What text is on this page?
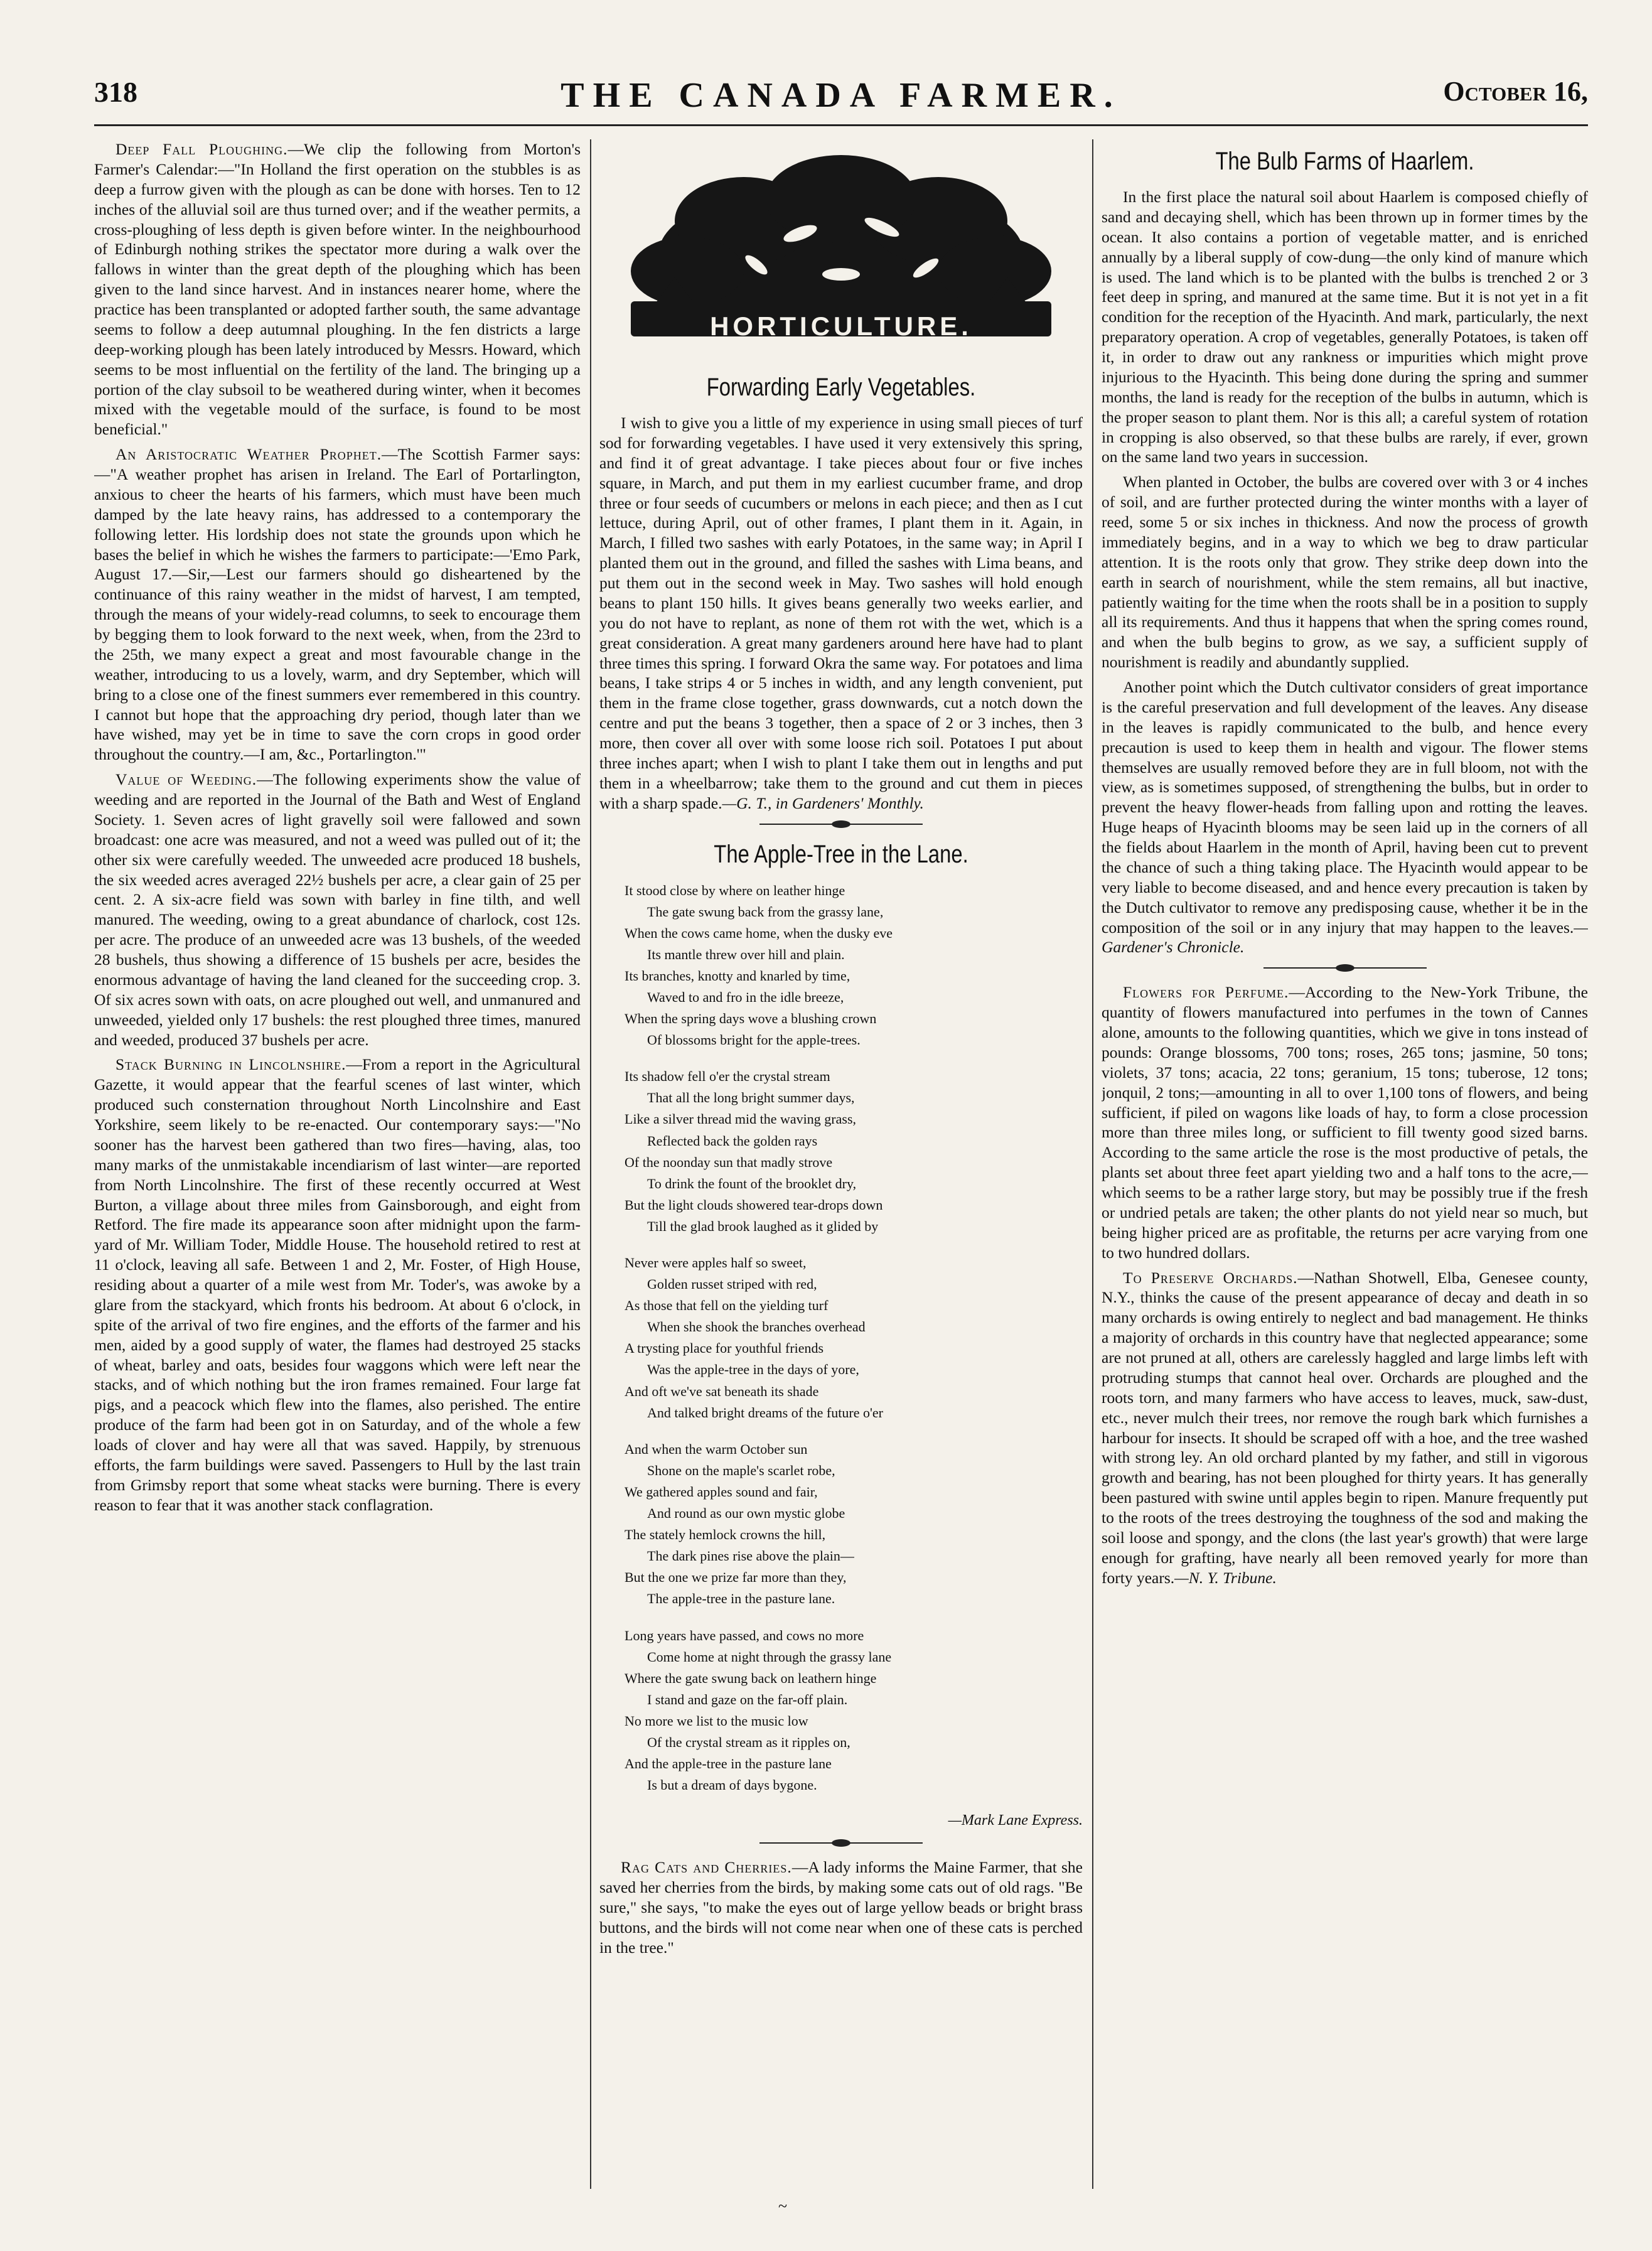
318	THE CANADA FARMER.	October 16,

Deep Fall Ploughing.—We clip the following from Morton's Farmer's Calendar:—"In Holland the first operation on the stubbles is as deep a furrow given with the plough as can be done with horses. Ten to 12 inches of the alluvial soil are thus turned over; and if the weather permits, a cross-ploughing of less depth is given before winter. In the neighbourhood of Edinburgh nothing strikes the spectator more during a walk over the fallows in winter than the great depth of the ploughing which has been given to the land since harvest. And in instances nearer home, where the practice has been transplanted or adopted farther south, the same advantage seems to follow a deep autumnal ploughing. In the fen districts a large deep-working plough has been lately introduced by Messrs. Howard, which seems to be most influential on the fertility of the land. The bringing up a portion of the clay subsoil to be weathered during winter, when it becomes mixed with the vegetable mould of the surface, is found to be most beneficial."

An Aristocratic Weather Prophet.—The Scottish Farmer says:—"A weather prophet has arisen in Ireland. The Earl of Portarlington, anxious to cheer the hearts of his farmers, which must have been much damped by the late heavy rains, has addressed to a contemporary the following letter. His lordship does not state the grounds upon which he bases the belief in which he wishes the farmers to participate:—'Emo Park, August 17.—Sir,—Lest our farmers should go disheartened by the continuance of this rainy weather in the midst of harvest, I am tempted, through the means of your widely-read columns, to seek to encourage them by begging them to look forward to the next week, when, from the 23rd to the 25th, we many expect a great and most favourable change in the weather, introducing to us a lovely, warm, and dry September, which will bring to a close one of the finest summers ever remembered in this country. I cannot but hope that the approaching dry period, though later than we have wished, may yet be in time to save the corn crops in good order throughout the country.—I am, &c., Portarlington.'"

Value of Weeding.—The following experiments show the value of weeding and are reported in the Journal of the Bath and West of England Society. 1. Seven acres of light gravelly soil were fallowed and sown broadcast: one acre was measured, and not a weed was pulled out of it; the other six were carefully weeded. The unweeded acre produced 18 bushels, the six weeded acres averaged 22½ bushels per acre, a clear gain of 25 per cent. 2. A six-acre field was sown with barley in fine tilth, and well manured. The weeding, owing to a great abundance of charlock, cost 12s. per acre. The produce of an unweeded acre was 13 bushels, of the weeded 28 bushels, thus showing a difference of 15 bushels per acre, besides the enormous advantage of having the land cleaned for the succeeding crop. 3. Of six acres sown with oats, on acre ploughed out well, and unmanured and unweeded, yielded only 17 bushels: the rest ploughed three times, manured and weeded, produced 37 bushels per acre.

Stack Burning in Lincolnshire.—From a report in the Agricultural Gazette, it would appear that the fearful scenes of last winter, which produced such consternation throughout North Lincolnshire and East Yorkshire, seem likely to be re-enacted. Our contemporary says:—"No sooner has the harvest been gathered than two fires—having, alas, too many marks of the unmistakable incendiarism of last winter—are reported from North Lincolnshire. The first of these recently occurred at West Burton, a village about three miles from Gainsborough, and eight from Retford. The fire made its appearance soon after midnight upon the farm-yard of Mr. William Toder, Middle House. The household retired to rest at 11 o'clock, leaving all safe. Between 1 and 2, Mr. Foster, of High House, residing about a quarter of a mile west from Mr. Toder's, was awoke by a glare from the stackyard, which fronts his bedroom. At about 6 o'clock, in spite of the arrival of two fire engines, and the efforts of the farmer and his men, aided by a good supply of water, the flames had destroyed 25 stacks of wheat, barley and oats, besides four waggons which were left near the stacks, and of which nothing but the iron frames remained. Four large fat pigs, and a peacock which flew into the flames, also perished. The entire produce of the farm had been got in on Saturday, and of the whole a few loads of clover and hay were all that was saved. Happily, by strenuous efforts, the farm buildings were saved. Passengers to Hull by the last train from Grimsby report that some wheat stacks were burning. There is every reason to fear that it was another stack conflagration.

HORTICULTURE.
Forwarding Early Vegetables.

I wish to give you a little of my experience in using small pieces of turf sod for forwarding vegetables. I have used it very extensively this spring, and find it of great advantage. I take pieces about four or five inches square, in March, and put them in my earliest cucumber frame, and drop three or four seeds of cucumbers or melons in each piece; and then as I cut lettuce, during April, out of other frames, I plant them in it. Again, in March, I filled two sashes with early Potatoes, in the same way; in April I planted them out in the ground, and filled the sashes with Lima beans, and put them out in the second week in May. Two sashes will hold enough beans to plant 150 hills. It gives beans generally two weeks earlier, and you do not have to replant, as none of them rot with the wet, which is a great consideration. A great many gardeners around here have had to plant three times this spring. I forward Okra the same way. For potatoes and lima beans, I take strips 4 or 5 inches in width, and any length convenient, put them in the frame close together, grass downwards, cut a notch down the centre and put the beans 3 together, then a space of 2 or 3 inches, then 3 more, then cover all over with some loose rich soil. Potatoes I put about three inches apart; when I wish to plant I take them out in lengths and put them in a wheelbarrow; take them to the ground and cut them in pieces with a sharp spade.—G. T., in Gardeners' Monthly.

The Apple-Tree in the Lane.
It stood close by where on leather hinge
The gate swung back from the grassy lane,
When the cows came home, when the dusky eve
Its mantle threw over hill and plain.
Its branches, knotty and knarled by time,
Waved to and fro in the idle breeze,
When the spring days wove a blushing crown
Of blossoms bright for the apple-trees.
Its shadow fell o'er the crystal stream
That all the long bright summer days,
Like a silver thread mid the waving grass,
Reflected back the golden rays
Of the noonday sun that madly strove
To drink the fount of the brooklet dry,
But the light clouds showered tear-drops down
Till the glad brook laughed as it glided by
Never were apples half so sweet,
Golden russet striped with red,
As those that fell on the yielding turf
When she shook the branches overhead
A trysting place for youthful friends
Was the apple-tree in the days of yore,
And oft we've sat beneath its shade
And talked bright dreams of the future o'er
And when the warm October sun
Shone on the maple's scarlet robe,
We gathered apples sound and fair,
And round as our own mystic globe
The stately hemlock crowns the hill,
The dark pines rise above the plain—
But the one we prize far more than they,
The apple-tree in the pasture lane.
Long years have passed, and cows no more
Come home at night through the grassy lane
Where the gate swung back on leathern hinge
I stand and gaze on the far-off plain.
No more we list to the music low
Of the crystal stream as it ripples on,
And the apple-tree in the pasture lane
Is but a dream of days bygone.
—Mark Lane Express.

Rag Cats and Cherries.—A lady informs the Maine Farmer, that she saved her cherries from the birds, by making some cats out of old rags. "Be sure," she says, "to make the eyes out of large yellow beads or bright brass buttons, and the birds will not come near when one of these cats is perched in the tree."

The Bulb Farms of Haarlem.

In the first place the natural soil about Haarlem is composed chiefly of sand and decaying shell, which has been thrown up in former times by the ocean. It also contains a portion of vegetable matter, and is enriched annually by a liberal supply of cow-dung—the only kind of manure which is used. The land which is to be planted with the bulbs is trenched 2 or 3 feet deep in spring, and manured at the same time. But it is not yet in a fit condition for the reception of the Hyacinth. And mark, particularly, the next preparatory operation. A crop of vegetables, generally Potatoes, is taken off it, in order to draw out any rankness or impurities which might prove injurious to the Hyacinth. This being done during the spring and summer months, the land is ready for the reception of the bulbs in autumn, which is the proper season to plant them. Nor is this all; a careful system of rotation in cropping is also observed, so that these bulbs are rarely, if ever, grown on the same land two years in succession.

When planted in October, the bulbs are covered over with 3 or 4 inches of soil, and are further protected during the winter months with a layer of reed, some 5 or six inches in thickness. And now the process of growth immediately begins, and in a way to which we beg to draw particular attention. It is the roots only that grow. They strike deep down into the earth in search of nourishment, while the stem remains, all but inactive, patiently waiting for the time when the roots shall be in a position to supply all its requirements. And thus it happens that when the spring comes round, and when the bulb begins to grow, as we say, a sufficient supply of nourishment is readily and abundantly supplied.

Another point which the Dutch cultivator considers of great importance is the careful preservation and full development of the leaves. Any disease in the leaves is rapidly communicated to the bulb, and hence every precaution is used to keep them in health and vigour. The flower stems themselves are usually removed before they are in full bloom, not with the view, as is sometimes supposed, of strengthening the bulbs, but in order to prevent the heavy flower-heads from falling upon and rotting the leaves. Huge heaps of Hyacinth blooms may be seen laid up in the corners of all the fields about Haarlem in the month of April, having been cut to prevent the chance of such a thing taking place. The Hyacinth would appear to be very liable to become diseased, and and hence every precaution is taken by the Dutch cultivator to remove any predisposing cause, whether it be in the composition of the soil or in any injury that may happen to the leaves.—Gardener's Chronicle.

Flowers for Perfume.—According to the New-York Tribune, the quantity of flowers manufactured into perfumes in the town of Cannes alone, amounts to the following quantities, which we give in tons instead of pounds: Orange blossoms, 700 tons; roses, 265 tons; jasmine, 50 tons; violets, 37 tons; acacia, 22 tons; geranium, 15 tons; tuberose, 12 tons; jonquil, 2 tons;—amounting in all to over 1,100 tons of flowers, and being sufficient, if piled on wagons like loads of hay, to form a close procession more than three miles long, or sufficient to fill twenty good sized barns. According to the same article the rose is the most productive of petals, the plants set about three feet apart yielding two and a half tons to the acre,—which seems to be a rather large story, but may be possibly true if the fresh or undried petals are taken; the other plants do not yield near so much, but being higher priced are as profitable, the returns per acre varying from one to two hundred dollars.

To Preserve Orchards.—Nathan Shotwell, Elba, Genesee county, N.Y., thinks the cause of the present appearance of decay and death in so many orchards is owing entirely to neglect and bad management. He thinks a majority of orchards in this country have that neglected appearance; some are not pruned at all, others are carelessly haggled and large limbs left with protruding stumps that cannot heal over. Orchards are ploughed and the roots torn, and many farmers who have access to leaves, muck, saw-dust, etc., never mulch their trees, nor remove the rough bark which furnishes a harbour for insects. It should be scraped off with a hoe, and the tree washed with strong ley. An old orchard planted by my father, and still in vigorous growth and bearing, has not been ploughed for thirty years. It has generally been pastured with swine until apples begin to ripen. Manure frequently put to the roots of the trees destroying the toughness of the sod and making the soil loose and spongy, and the clons (the last year's growth) that were large enough for grafting, have nearly all been removed yearly for more than forty years.—N. Y. Tribune.

~
